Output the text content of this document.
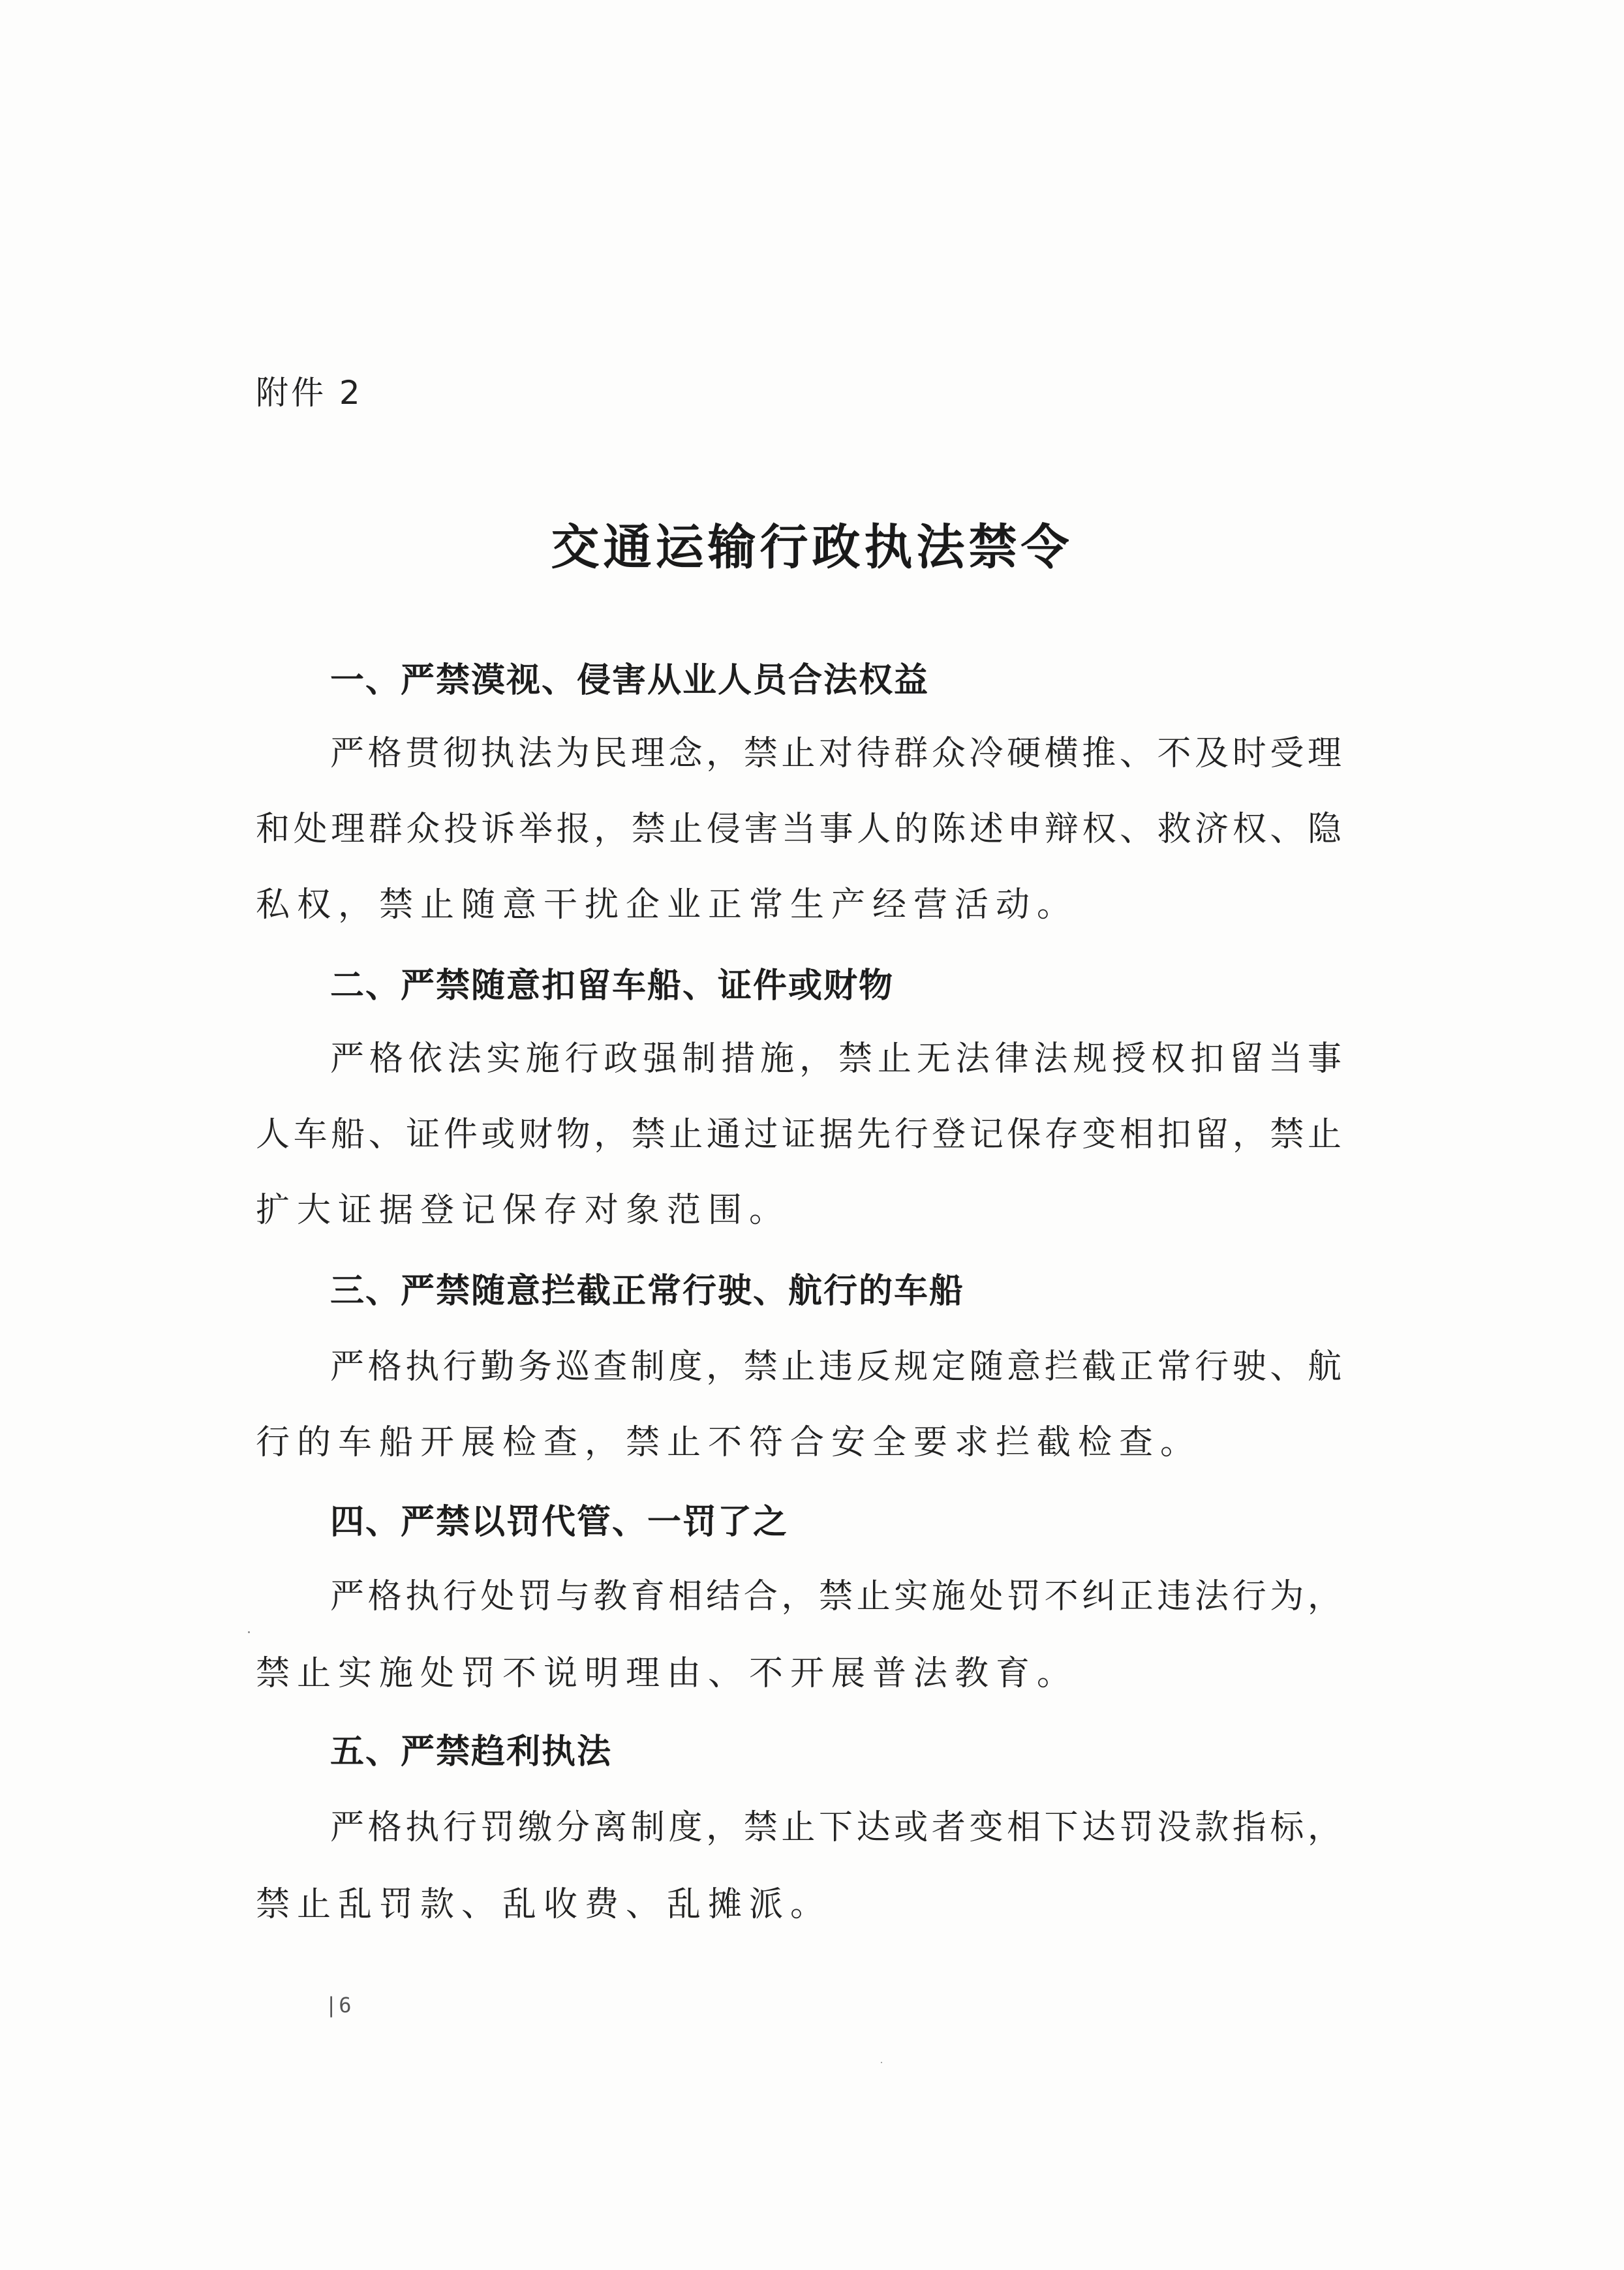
附件 2
交通运输行政执法禁令
一、严禁漠视、侵害从业人员合法权益
严格贯彻执法为民理念，禁止对待群众冷硬横推、不及时受理
和处理群众投诉举报，禁止侵害当事人的陈述申辩权、救济权、隐
私权，禁止随意干扰企业正常生产经营活动。
二、严禁随意扣留车船、证件或财物
严格依法实施行政强制措施，禁止无法律法规授权扣留当事
人车船、证件或财物，禁止通过证据先行登记保存变相扣留，禁止
扩大证据登记保存对象范围。
三、严禁随意拦截正常行驶、航行的车船
严格执行勤务巡查制度，禁止违反规定随意拦截正常行驶、航
行的车船开展检查，禁止不符合安全要求拦截检查。
四、严禁以罚代管、一罚了之
严格执行处罚与教育相结合，禁止实施处罚不纠正违法行为，
禁止实施处罚不说明理由、不开展普法教育。
五、严禁趋利执法
严格执行罚缴分离制度，禁止下达或者变相下达罚没款指标，
禁止乱罚款、乱收费、乱摊派。
|6
